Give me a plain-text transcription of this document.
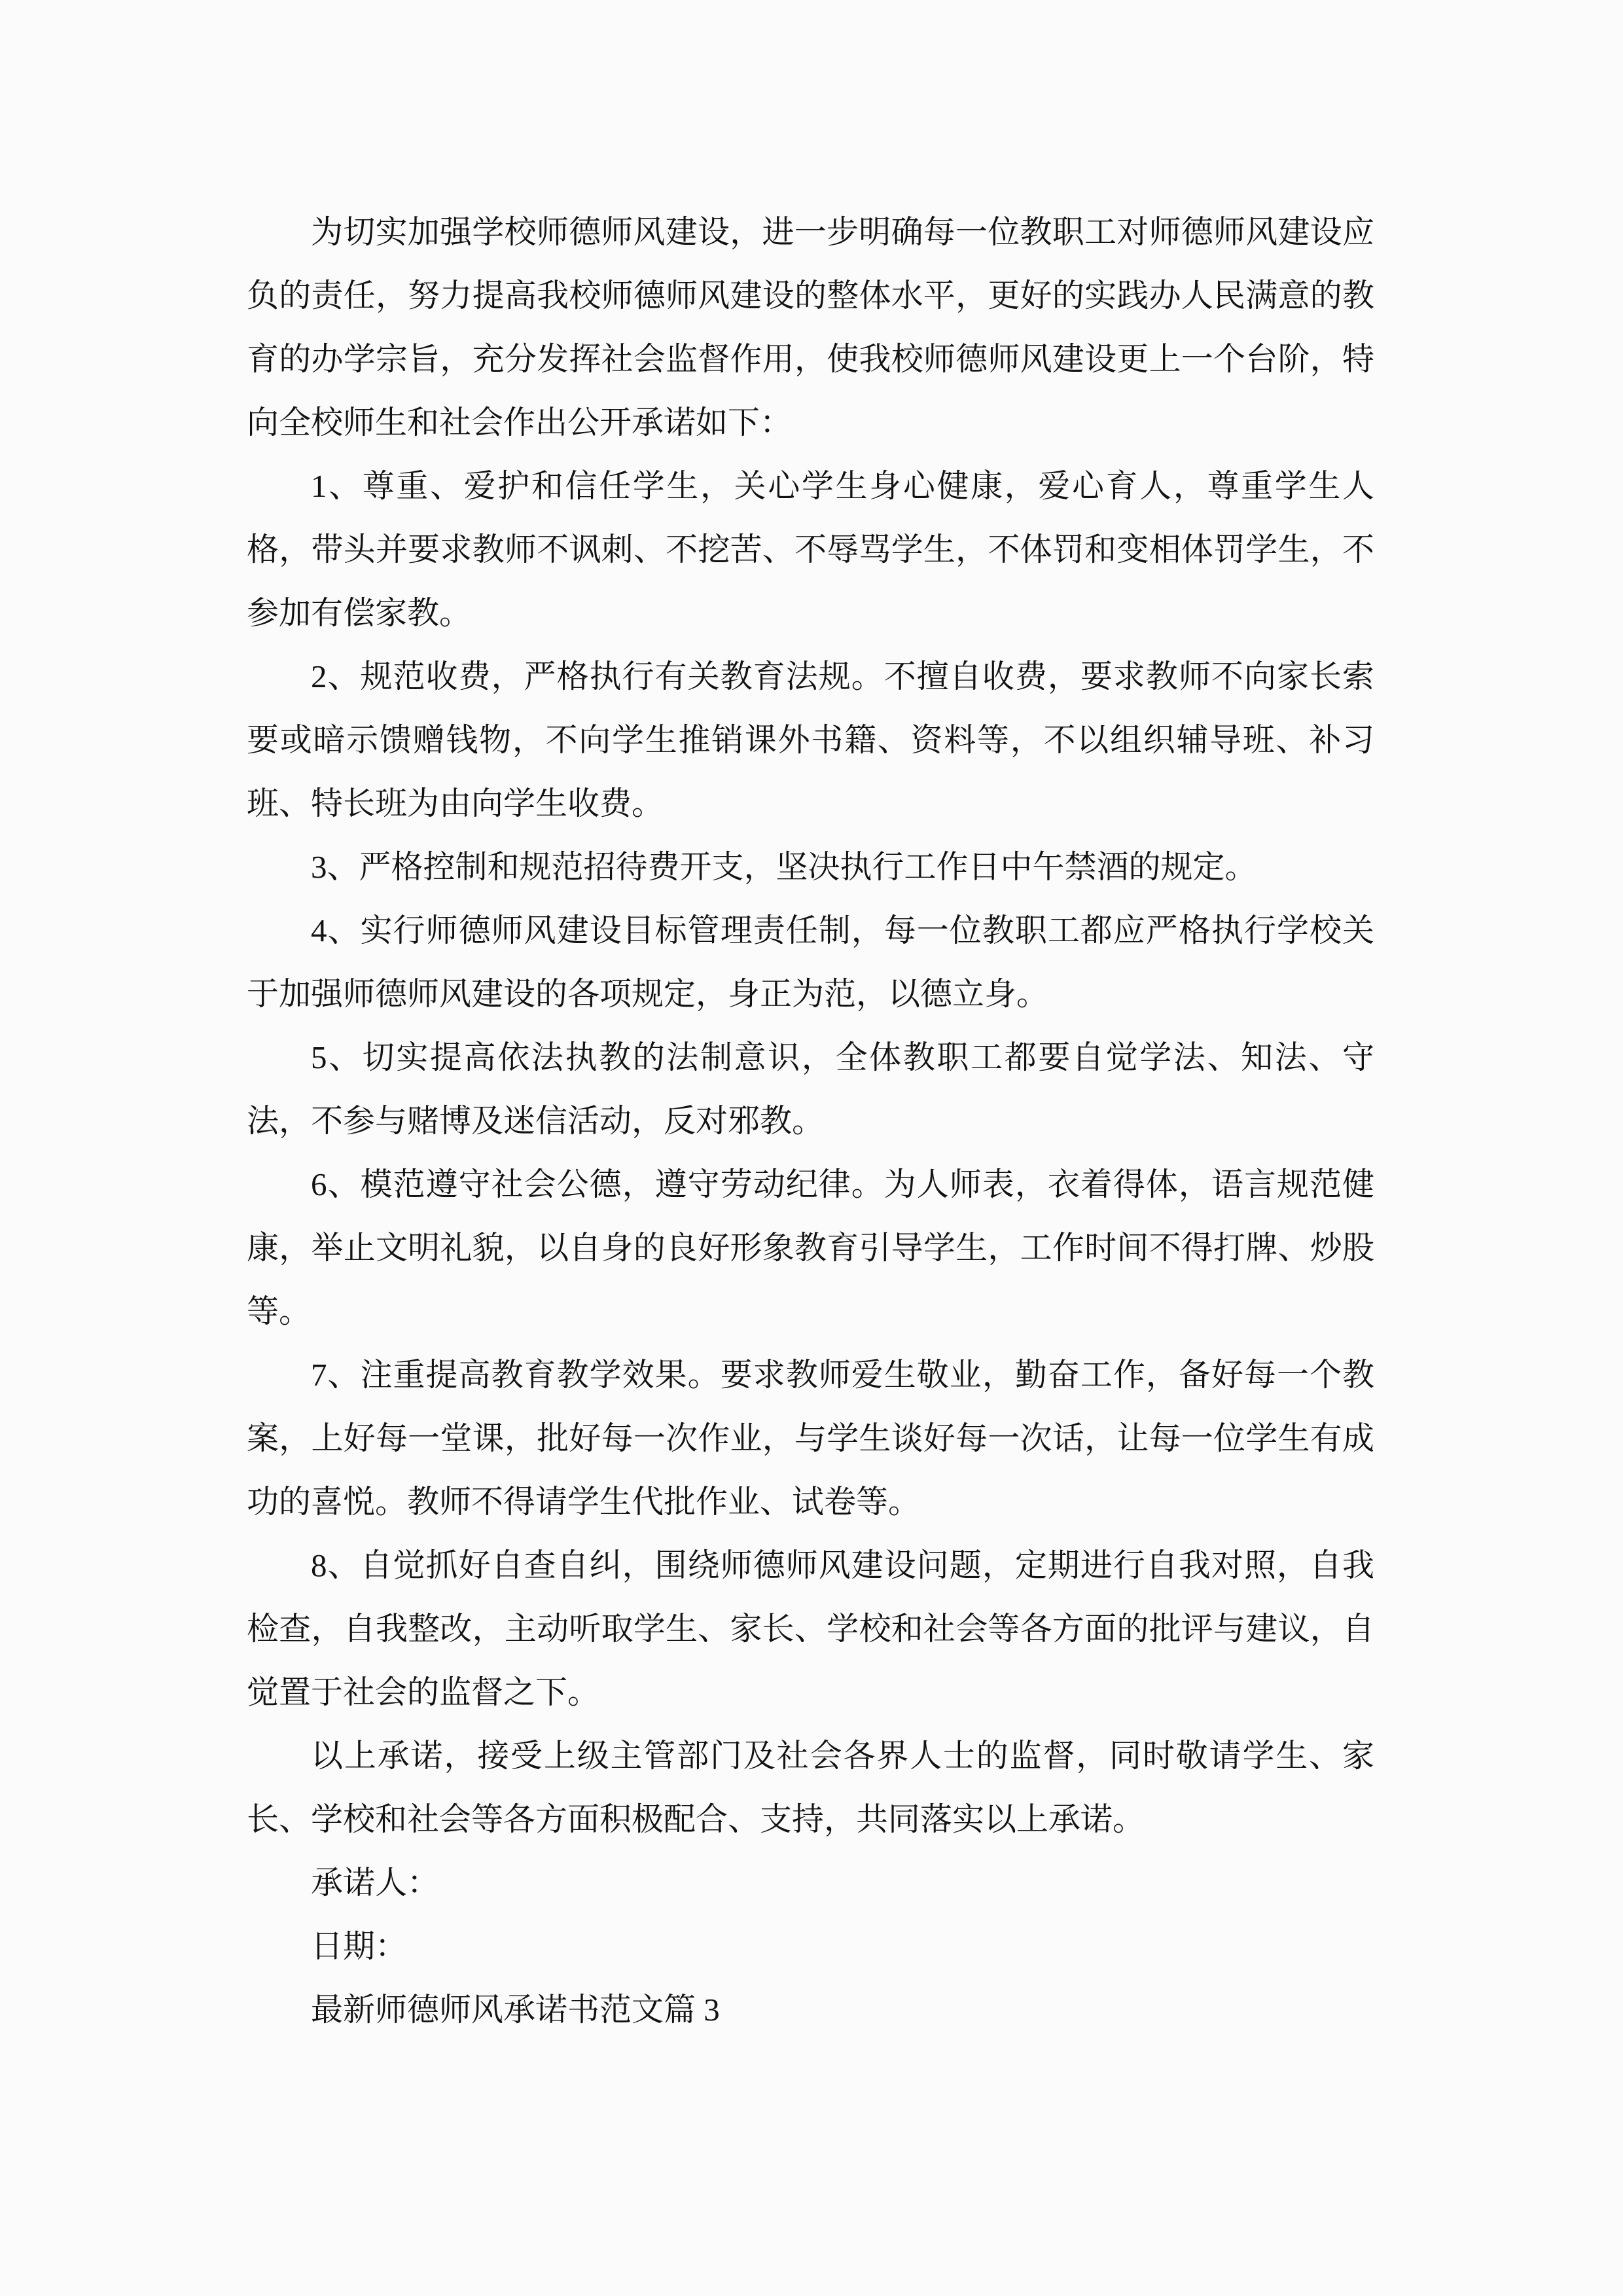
为切实加强学校师德师风建设，进一步明确每一位教职工对师德师风建设应负的责任，努力提高我校师德师风建设的整体水平，更好的实践办人民满意的教育的办学宗旨，充分发挥社会监督作用，使我校师德师风建设更上一个台阶，特向全校师生和社会作出公开承诺如下：

1、尊重、爱护和信任学生，关心学生身心健康，爱心育人，尊重学生人格，带头并要求教师不讽刺、不挖苦、不辱骂学生，不体罚和变相体罚学生，不参加有偿家教。

2、规范收费，严格执行有关教育法规。不擅自收费，要求教师不向家长索要或暗示馈赠钱物，不向学生推销课外书籍、资料等，不以组织辅导班、补习班、特长班为由向学生收费。

3、严格控制和规范招待费开支，坚决执行工作日中午禁酒的规定。

4、实行师德师风建设目标管理责任制，每一位教职工都应严格执行学校关于加强师德师风建设的各项规定，身正为范，以德立身。

5、切实提高依法执教的法制意识，全体教职工都要自觉学法、知法、守法，不参与赌博及迷信活动，反对邪教。

6、模范遵守社会公德，遵守劳动纪律。为人师表，衣着得体，语言规范健康，举止文明礼貌，以自身的良好形象教育引导学生，工作时间不得打牌、炒股等。

7、注重提高教育教学效果。要求教师爱生敬业，勤奋工作，备好每一个教案，上好每一堂课，批好每一次作业，与学生谈好每一次话，让每一位学生有成功的喜悦。教师不得请学生代批作业、试卷等。

8、自觉抓好自查自纠，围绕师德师风建设问题，定期进行自我对照，自我检查，自我整改，主动听取学生、家长、学校和社会等各方面的批评与建议，自觉置于社会的监督之下。

以上承诺，接受上级主管部门及社会各界人士的监督，同时敬请学生、家长、学校和社会等各方面积极配合、支持，共同落实以上承诺。

承诺人：

日期：

最新师德师风承诺书范文篇 3
